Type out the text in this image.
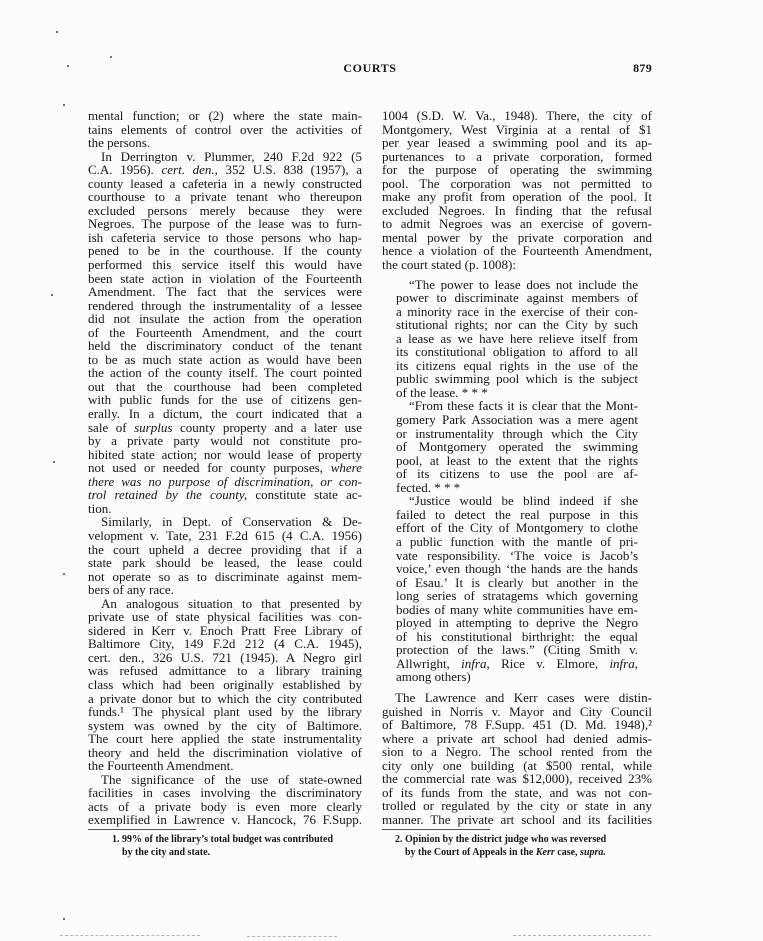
COURTS	879
mental function; or (2) where the state main-
tains elements of control over the activities of
the persons.
In Derrington v. Plummer, 240 F.2d 922 (5
C.A. 1956). cert. den., 352 U.S. 838 (1957), a
county leased a cafeteria in a newly constructed
courthouse to a private tenant who thereupon
excluded persons merely because they were
Negroes. The purpose of the lease was to furn-
ish cafeteria service to those persons who hap-
pened to be in the courthouse. If the county
performed this service itself this would have
been state action in violation of the Fourteenth
Amendment. The fact that the services were
rendered through the instrumentality of a lessee
did not insulate the action from the operation
of the Fourteenth Amendment, and the court
held the discriminatory conduct of the tenant
to be as much state action as would have been
the action of the county itself. The court pointed
out that the courthouse had been completed
with public funds for the use of citizens gen-
erally. In a dictum, the court indicated that a
sale of surplus county property and a later use
by a private party would not constitute pro-
hibited state action; nor would lease of property
not used or needed for county purposes, where
there was no purpose of discrimination, or con-
trol retained by the county, constitute state ac-
tion.
Similarly, in Dept. of Conservation & De-
velopment v. Tate, 231 F.2d 615 (4 C.A. 1956)
the court upheld a decree providing that if a
state park should be leased, the lease could
not operate so as to discriminate against mem-
bers of any race.
An analogous situation to that presented by
private use of state physical facilities was con-
sidered in Kerr v. Enoch Pratt Free Library of
Baltimore City, 149 F.2d 212 (4 C.A. 1945),
cert. den., 326 U.S. 721 (1945). A Negro girl
was refused admittance to a library training
class which had been originally established by
a private donor but to which the city contributed
funds.¹ The physical plant used by the library
system was owned by the city of Baltimore.
The court here applied the state instrumentality
theory and held the discrimination violative of
the Fourteenth Amendment.
The significance of the use of state-owned
facilities in cases involving the discriminatory
acts of a private body is even more clearly
exemplified in Lawrence v. Hancock, 76 F.Supp.
1004 (S.D. W. Va., 1948). There, the city of
Montgomery, West Virginia at a rental of $1
per year leased a swimming pool and its ap-
purtenances to a private corporation, formed
for the purpose of operating the swimming
pool. The corporation was not permitted to
make any profit from operation of the pool. It
excluded Negroes. In finding that the refusal
to admit Negroes was an exercise of govern-
mental power by the private corporation and
hence a violation of the Fourteenth Amendment,
the court stated (p. 1008):
“The power to lease does not include the
power to discriminate against members of
a minority race in the exercise of their con-
stitutional rights; nor can the City by such
a lease as we have here relieve itself from
its constitutional obligation to afford to all
its citizens equal rights in the use of the
public swimming pool which is the subject
of the lease. * * *
“From these facts it is clear that the Mont-
gomery Park Association was a mere agent
or instrumentality through which the City
of Montgomery operated the swimming
pool, at least to the extent that the rights
of its citizens to use the pool are af-
fected. * * *
“Justice would be blind indeed if she
failed to detect the real purpose in this
effort of the City of Montgomery to clothe
a public function with the mantle of pri-
vate responsibility. ‘The voice is Jacob’s
voice,’ even though ‘the hands are the hands
of Esau.’ It is clearly but another in the
long series of stratagems which governing
bodies of many white communities have em-
ployed in attempting to deprive the Negro
of his constitutional birthright: the equal
protection of the laws.” (Citing Smith v.
Allwright, infra, Rice v. Elmore, infra,
among others)
The Lawrence and Kerr cases were distin-
guished in Norris v. Mayor and City Council
of Baltimore, 78 F.Supp. 451 (D. Md. 1948),²
where a private art school had denied admis-
sion to a Negro. The school rented from the
city only one building (at $500 rental, while
the commercial rate was $12,000), received 23%
of its funds from the state, and was not con-
trolled or regulated by the city or state in any
manner. The private art school and its facilities
1. 99% of the library’s total budget was contributed
by the city and state.
2. Opinion by the district judge who was reversed
by the Court of Appeals in the Kerr case, supra.
